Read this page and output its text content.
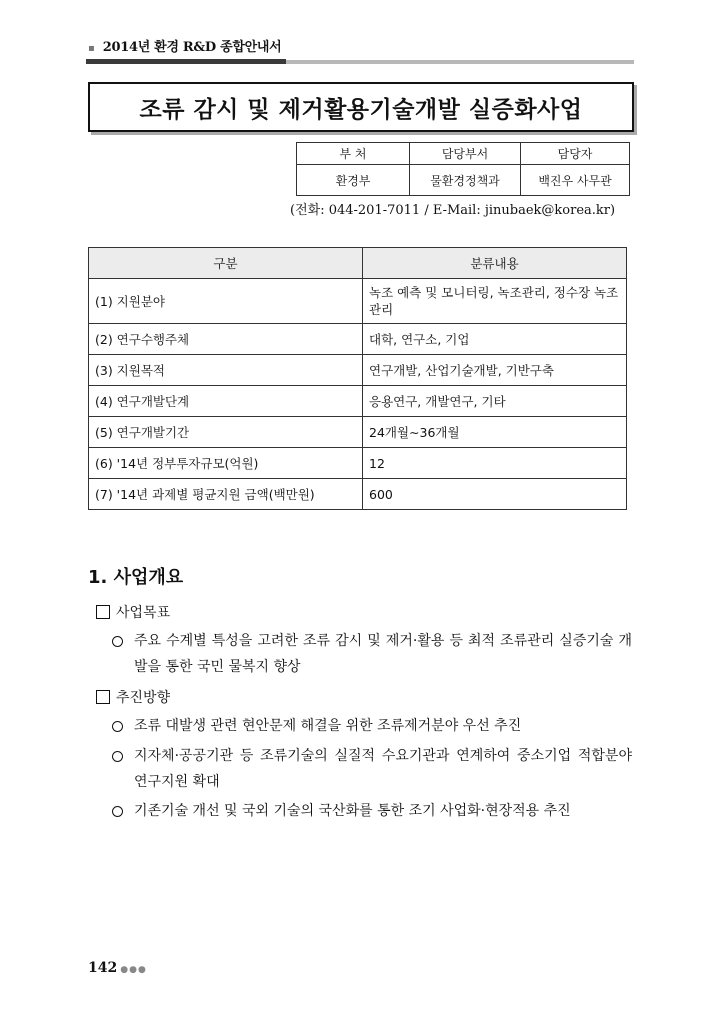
▪ 2014년 환경 R&D 종합안내서
조류 감시 및 제거활용기술개발 실증화사업
부 처	담당부서	담당자
환경부	물환경정책과	백진우 사무관
(전화: 044-201-7011 / E-Mail: jinubaek@korea.kr)
구분	분류내용
(1) 지원분야	녹조 예측 및 모니터링, 녹조관리, 정수장 녹조관리
(2) 연구수행주체	대학, 연구소, 기업
(3) 지원목적	연구개발, 산업기술개발, 기반구축
(4) 연구개발단계	응용연구, 개발연구, 기타
(5) 연구개발기간	24개월∼36개월
(6) '14년 정부투자규모(억원)	12
(7) '14년 과제별 평균지원 금액(백만원)	600
1. 사업개요
사업목표
주요 수계별 특성을 고려한 조류 감시 및 제거·활용 등 최적 조류관리 실증기술 개발을 통한 국민 물복지 향상
추진방향
조류 대발생 관련 현안문제 해결을 위한 조류제거분야 우선 추진
지자체·공공기관 등 조류기술의 실질적 수요기관과 연계하여 중소기업 적합분야 연구지원 확대
기존기술 개선 및 국외 기술의 국산화를 통한 조기 사업화·현장적용 추진
142 ●●●
